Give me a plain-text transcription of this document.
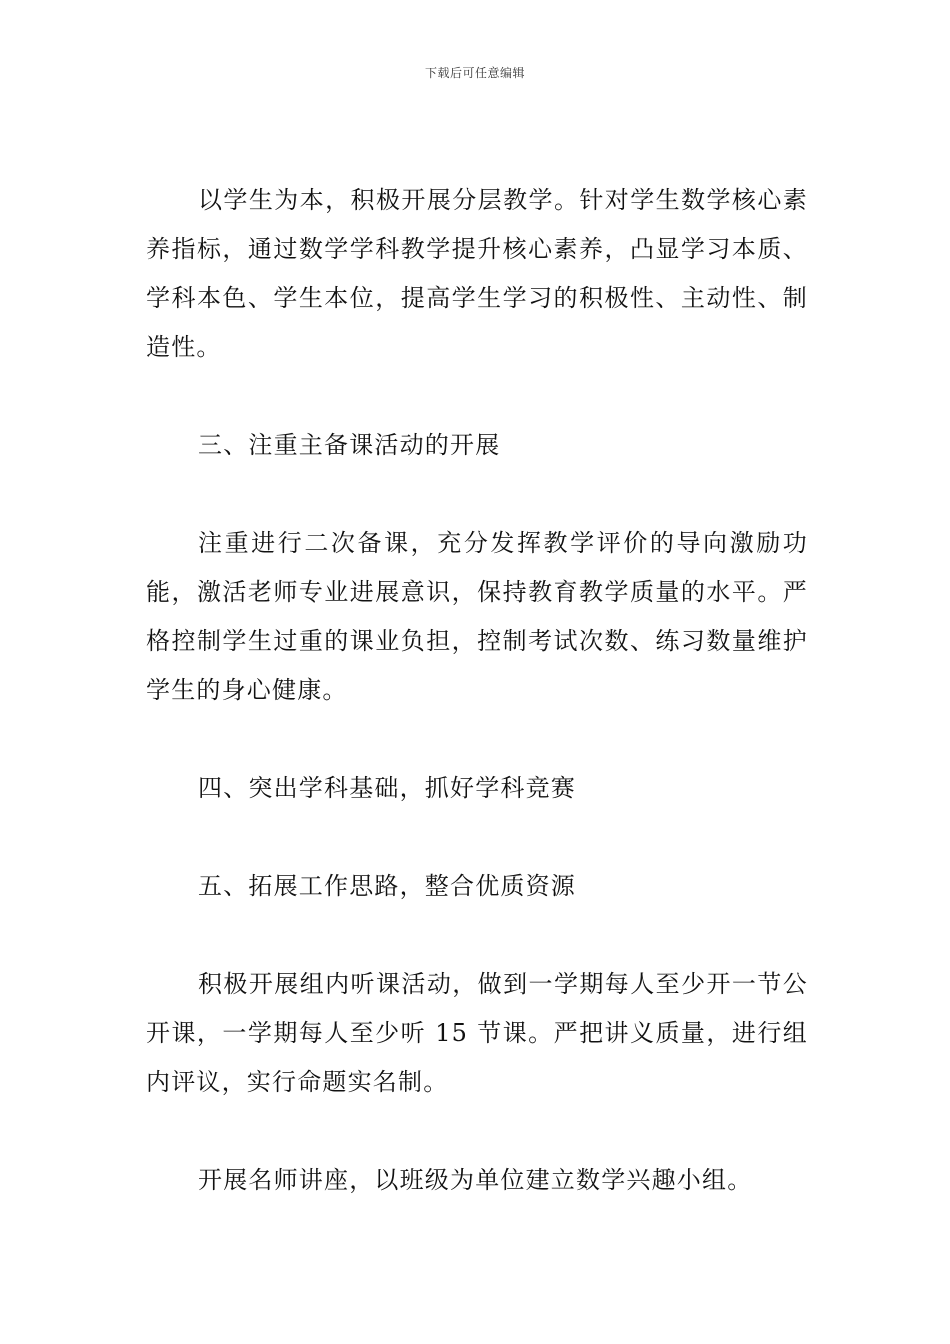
下载后可任意编辑

以学生为本，积极开展分层教学。针对学生数学核心素养指标，通过数学学科教学提升核心素养，凸显学习本质、学科本色、学生本位，提高学生学习的积极性、主动性、制造性。

三、注重主备课活动的开展

注重进行二次备课，充分发挥教学评价的导向激励功能，激活老师专业进展意识，保持教育教学质量的水平。严格控制学生过重的课业负担，控制考试次数、练习数量维护学生的身心健康。

四、突出学科基础，抓好学科竞赛

五、拓展工作思路，整合优质资源

积极开展组内听课活动，做到一学期每人至少开一节公开课，一学期每人至少听 15 节课。严把讲义质量，进行组内评议，实行命题实名制。

开展名师讲座，以班级为单位建立数学兴趣小组。
